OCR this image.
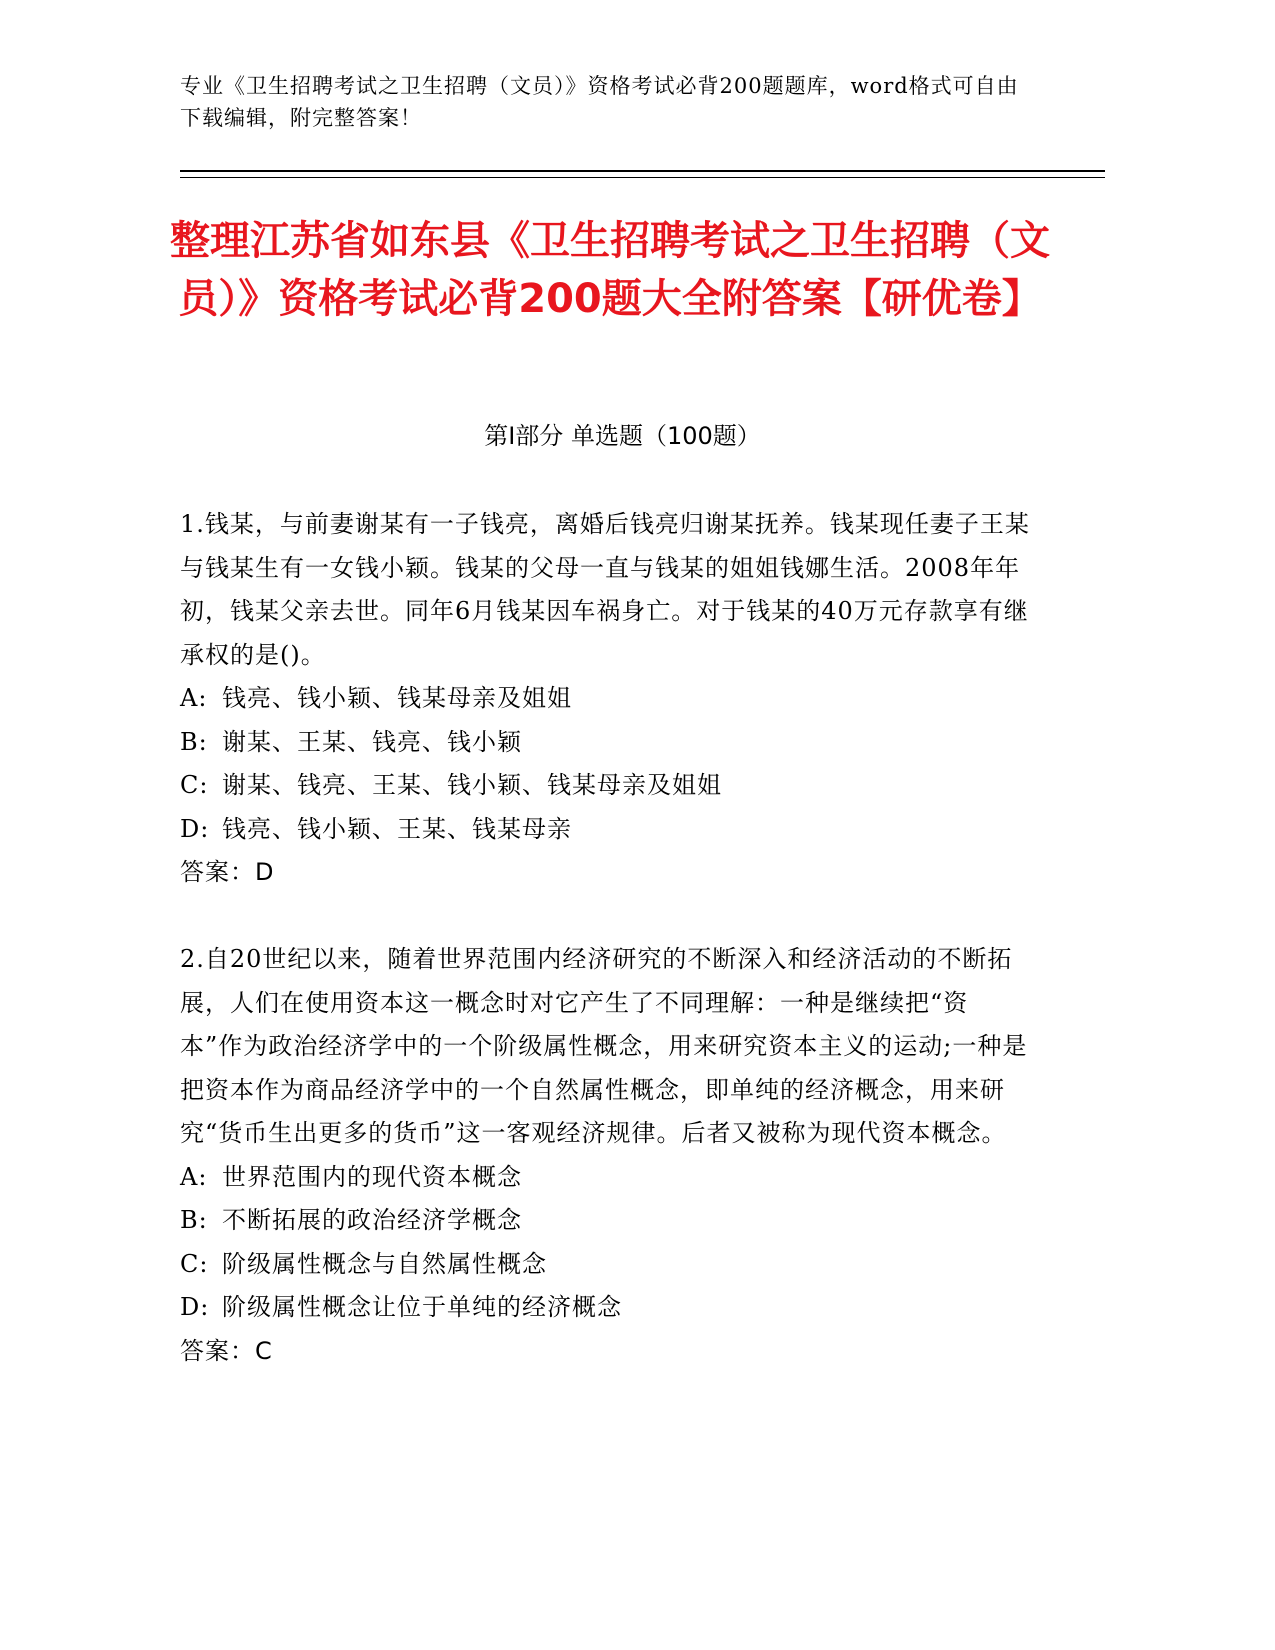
专业《卫生招聘考试之卫生招聘（文员）》资格考试必背200题题库，word格式可自由下载编辑，附完整答案！
整理江苏省如东县《卫生招聘考试之卫生招聘（文员）》资格考试必背200题大全附答案【研优卷】
第I部分 单选题（100题）

1.钱某，与前妻谢某有一子钱亮，离婚后钱亮归谢某抚养。钱某现任妻子王某与钱某生有一女钱小颖。钱某的父母一直与钱某的姐姐钱娜生活。2008年年初，钱某父亲去世。同年6月钱某因车祸身亡。对于钱某的40万元存款享有继承权的是()。

A: 钱亮、钱小颖、钱某母亲及姐姐

B: 谢某、王某、钱亮、钱小颖

C: 谢某、钱亮、王某、钱小颖、钱某母亲及姐姐

D: 钱亮、钱小颖、王某、钱某母亲

答案：D

2.自20世纪以来，随着世界范围内经济研究的不断深入和经济活动的不断拓展，人们在使用资本这一概念时对它产生了不同理解：一种是继续把“资本”作为政治经济学中的一个阶级属性概念，用来研究资本主义的运动;一种是把资本作为商品经济学中的一个自然属性概念，即单纯的经济概念，用来研究“货币生出更多的货币”这一客观经济规律。后者又被称为现代资本概念。

A: 世界范围内的现代资本概念

B: 不断拓展的政治经济学概念

C: 阶级属性概念与自然属性概念

D: 阶级属性概念让位于单纯的经济概念

答案：C
